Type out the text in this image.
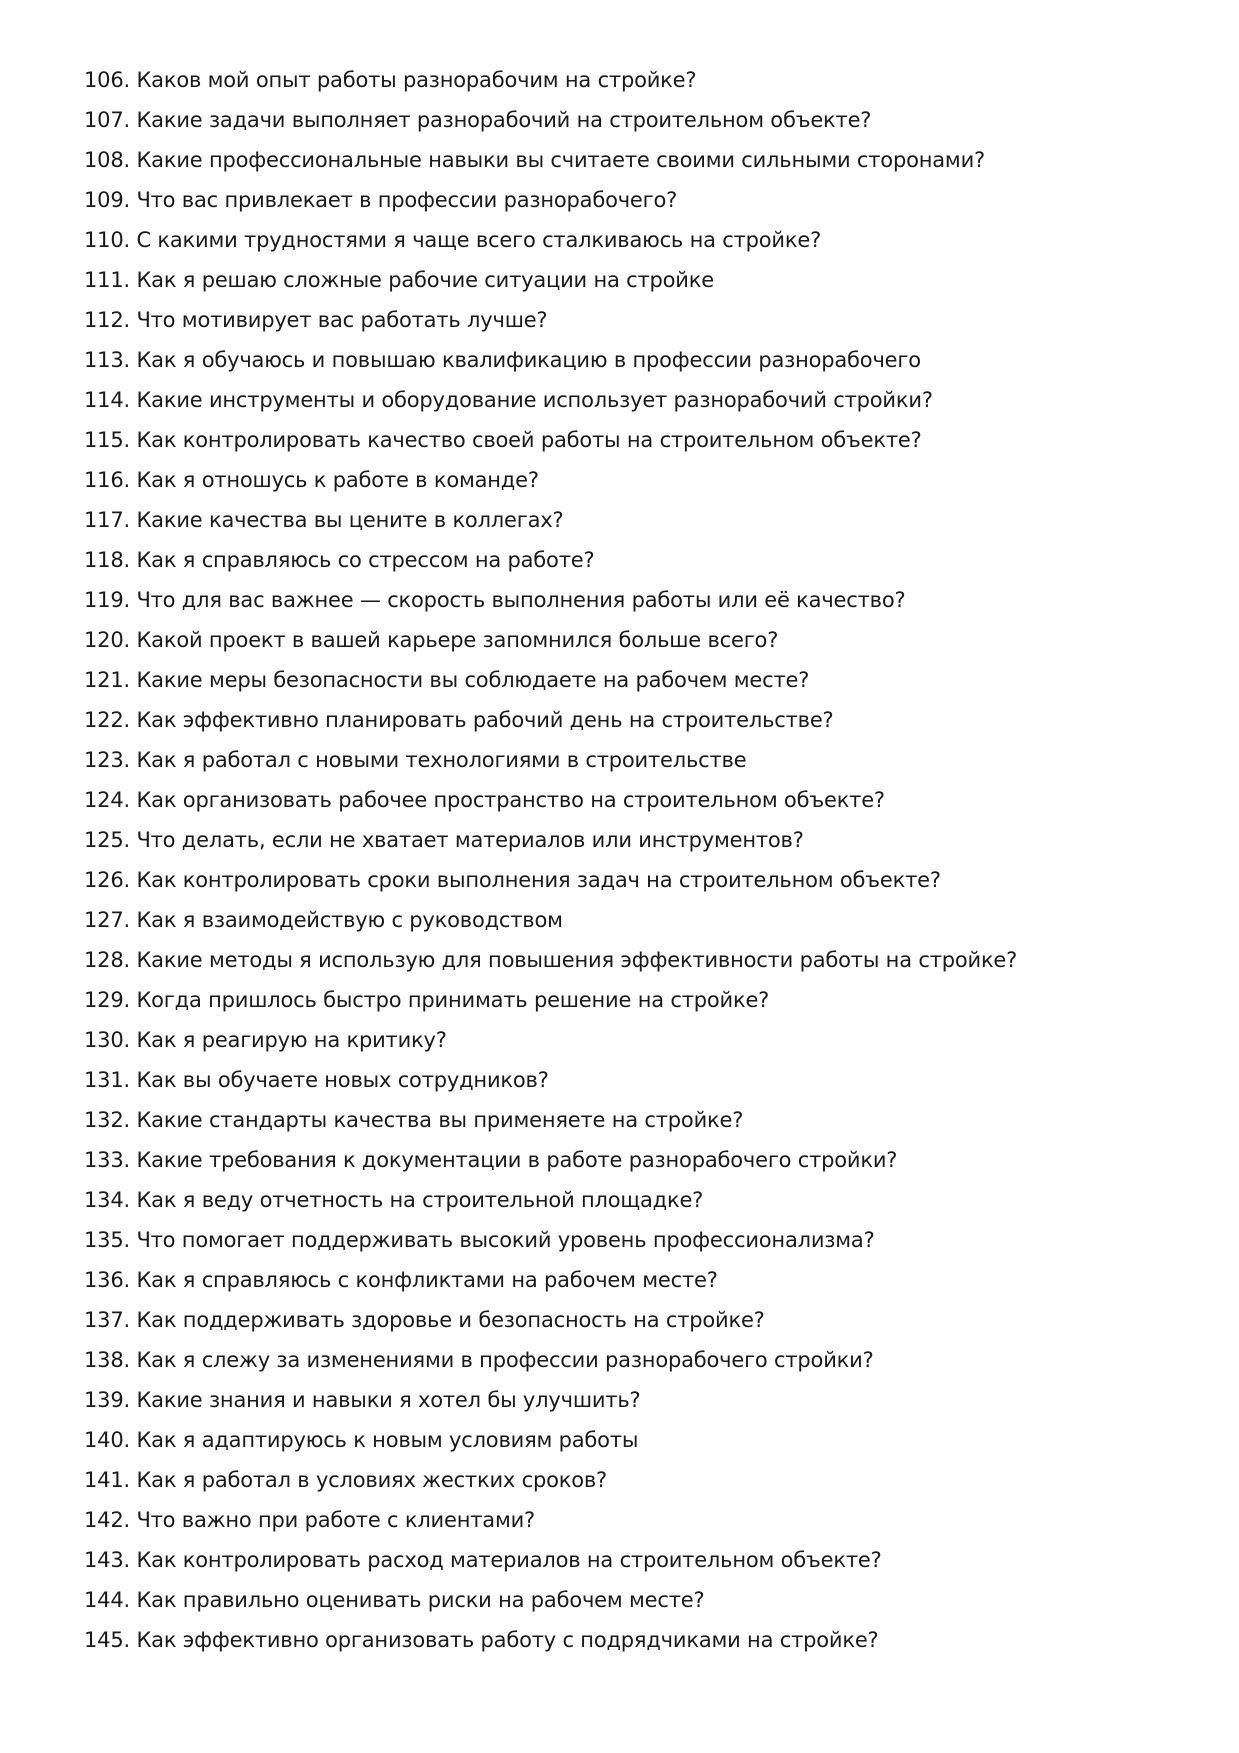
106. Каков мой опыт работы разнорабочим на стройке?
107. Какие задачи выполняет разнорабочий на строительном объекте?
108. Какие профессиональные навыки вы считаете своими сильными сторонами?
109. Что вас привлекает в профессии разнорабочего?
110. С какими трудностями я чаще всего сталкиваюсь на стройке?
111. Как я решаю сложные рабочие ситуации на стройке
112. Что мотивирует вас работать лучше?
113. Как я обучаюсь и повышаю квалификацию в профессии разнорабочего
114. Какие инструменты и оборудование использует разнорабочий стройки?
115. Как контролировать качество своей работы на строительном объекте?
116. Как я отношусь к работе в команде?
117. Какие качества вы цените в коллегах?
118. Как я справляюсь со стрессом на работе?
119. Что для вас важнее — скорость выполнения работы или её качество?
120. Какой проект в вашей карьере запомнился больше всего?
121. Какие меры безопасности вы соблюдаете на рабочем месте?
122. Как эффективно планировать рабочий день на строительстве?
123. Как я работал с новыми технологиями в строительстве
124. Как организовать рабочее пространство на строительном объекте?
125. Что делать, если не хватает материалов или инструментов?
126. Как контролировать сроки выполнения задач на строительном объекте?
127. Как я взаимодействую с руководством
128. Какие методы я использую для повышения эффективности работы на стройке?
129. Когда пришлось быстро принимать решение на стройке?
130. Как я реагирую на критику?
131. Как вы обучаете новых сотрудников?
132. Какие стандарты качества вы применяете на стройке?
133. Какие требования к документации в работе разнорабочего стройки?
134. Как я веду отчетность на строительной площадке?
135. Что помогает поддерживать высокий уровень профессионализма?
136. Как я справляюсь с конфликтами на рабочем месте?
137. Как поддерживать здоровье и безопасность на стройке?
138. Как я слежу за изменениями в профессии разнорабочего стройки?
139. Какие знания и навыки я хотел бы улучшить?
140. Как я адаптируюсь к новым условиям работы
141. Как я работал в условиях жестких сроков?
142. Что важно при работе с клиентами?
143. Как контролировать расход материалов на строительном объекте?
144. Как правильно оценивать риски на рабочем месте?
145. Как эффективно организовать работу с подрядчиками на стройке?
